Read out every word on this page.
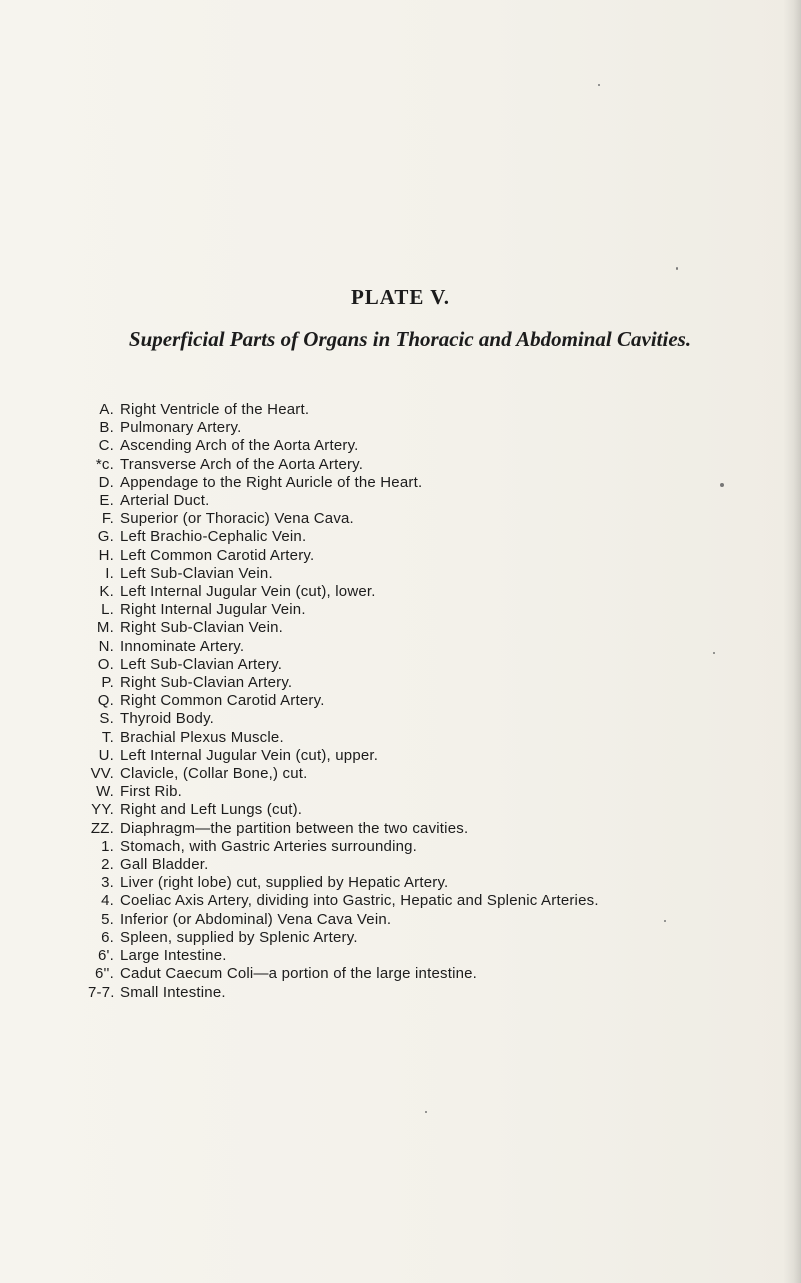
PLATE V.
Superficial Parts of Organs in Thoracic and Abdominal Cavities.
A. Right Ventricle of the Heart.
B. Pulmonary Artery.
C. Ascending Arch of the Aorta Artery.
*c. Transverse Arch of the Aorta Artery.
D. Appendage to the Right Auricle of the Heart.
E. Arterial Duct.
F. Superior (or Thoracic) Vena Cava.
G. Left Brachio-Cephalic Vein.
H. Left Common Carotid Artery.
I. Left Sub-Clavian Vein.
K. Left Internal Jugular Vein (cut), lower.
L. Right Internal Jugular Vein.
M. Right Sub-Clavian Vein.
N. Innominate Artery.
O. Left Sub-Clavian Artery.
P. Right Sub-Clavian Artery.
Q. Right Common Carotid Artery.
S. Thyroid Body.
T. Brachial Plexus Muscle.
U. Left Internal Jugular Vein (cut), upper.
VV. Clavicle, (Collar Bone,) cut.
W. First Rib.
YY. Right and Left Lungs (cut).
ZZ. Diaphragm—the partition between the two cavities.
1. Stomach, with Gastric Arteries surrounding.
2. Gall Bladder.
3. Liver (right lobe) cut, supplied by Hepatic Artery.
4. Coeliac Axis Artery, dividing into Gastric, Hepatic and Splenic Arteries.
5. Inferior (or Abdominal) Vena Cava Vein.
6. Spleen, supplied by Splenic Artery.
6'. Large Intestine.
6''. Cadut Caecum Coli—a portion of the large intestine.
7-7. Small Intestine.
